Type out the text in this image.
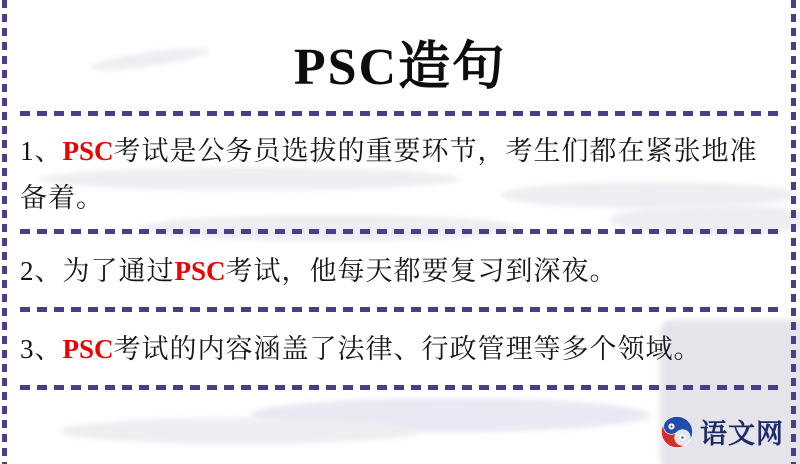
PSC造句
1、PSC考试是公务员选拔的重要环节，考生们都在紧张地准备着。
2、为了通过PSC考试，他每天都要复习到深夜。
3、PSC考试的内容涵盖了法律、行政管理等多个领域。
语文网
